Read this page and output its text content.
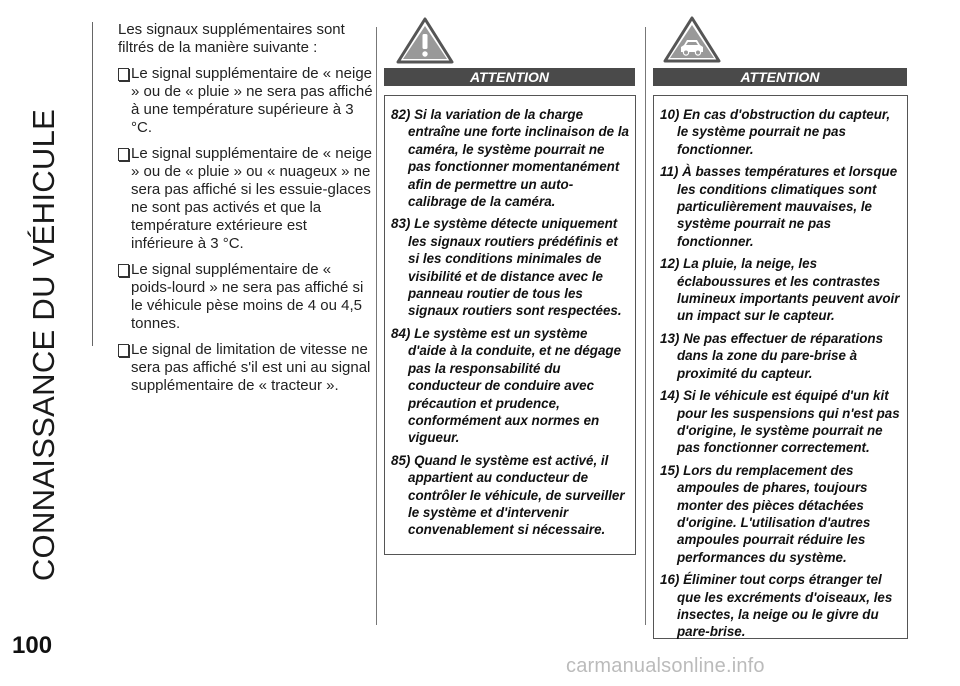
CONNAISSANCE DU VÉHICULE
100

Les signaux supplémentaires sont filtrés de la manière suivante :

Le signal supplémentaire de « neige » ou de « pluie » ne sera pas affiché à une température supérieure à 3 °C.
Le signal supplémentaire de « neige » ou de « pluie » ou « nuageux » ne sera pas affiché si les essuie-glaces ne sont pas activés et que la température extérieure est inférieure à 3 °C.
Le signal supplémentaire de « poids-lourd » ne sera pas affiché si le véhicule pèse moins de 4 ou 4,5 tonnes.
Le signal de limitation de vitesse ne sera pas affiché s'il est uni au signal supplémentaire de « tracteur ».
ATTENTION
82) Si la variation de la charge entraîne une forte inclinaison de la caméra, le système pourrait ne pas fonctionner momentanément afin de permettre un auto-calibrage de la caméra.
83) Le système détecte uniquement les signaux routiers prédéfinis et si les conditions minimales de visibilité et de distance avec le panneau routier de tous les signaux routiers sont respectées.
84) Le système est un système d'aide à la conduite, et ne dégage pas la responsabilité du conducteur de conduire avec précaution et prudence, conformément aux normes en vigueur.
85) Quand le système est activé, il appartient au conducteur de contrôler le véhicule, de surveiller le système et d'intervenir convenablement si nécessaire.
ATTENTION
10) En cas d'obstruction du capteur, le système pourrait ne pas fonctionner.
11) À basses températures et lorsque les conditions climatiques sont particulièrement mauvaises, le système pourrait ne pas fonctionner.
12) La pluie, la neige, les éclaboussures et les contrastes lumineux importants peuvent avoir un impact sur le capteur.
13) Ne pas effectuer de réparations dans la zone du pare-brise à proximité du capteur.
14) Si le véhicule est équipé d'un kit pour les suspensions qui n'est pas d'origine, le système pourrait ne pas fonctionner correctement.
15) Lors du remplacement des ampoules de phares, toujours monter des pièces détachées d'origine. L'utilisation d'autres ampoules pourrait réduire les performances du système.
16) Éliminer tout corps étranger tel que les excréments d'oiseaux, les insectes, la neige ou le givre du pare-brise.
carmanualsonline.info
